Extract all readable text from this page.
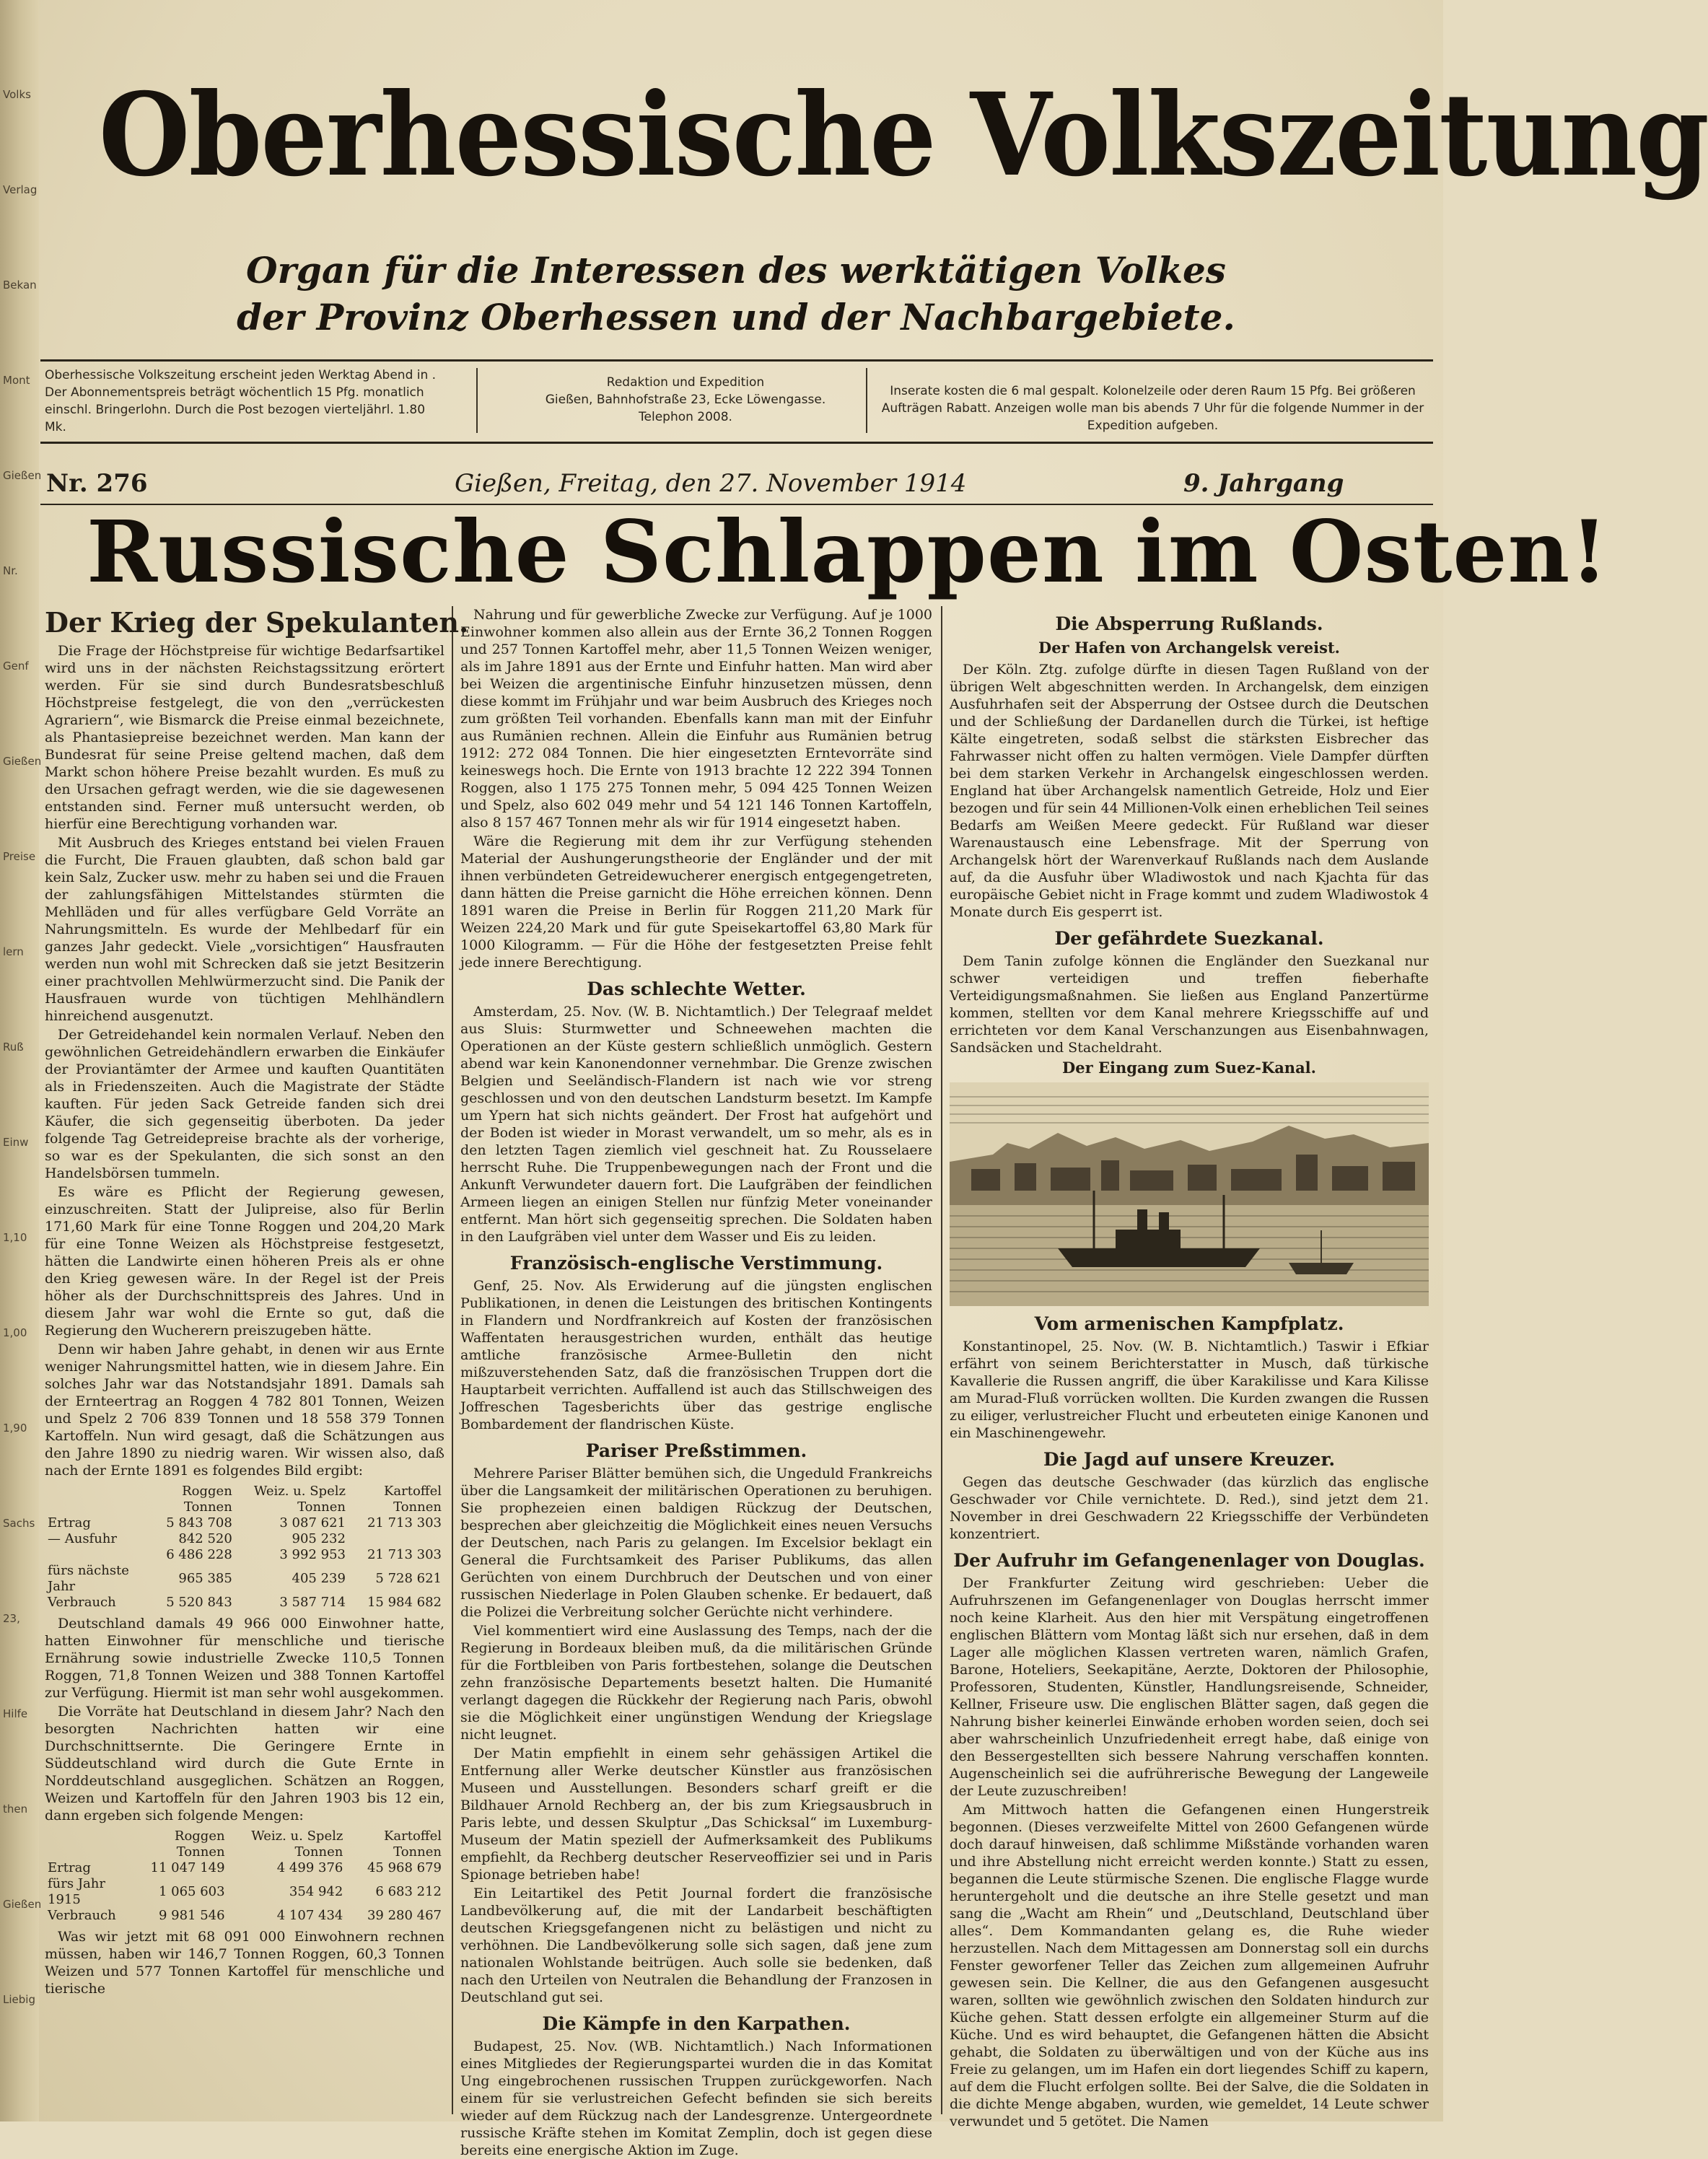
Volks
Verlag
Bekan
Mont
Gießen
Nr.
Genf
Gießen
Preise
lern
Ruß
Einw
1,10
1,00
1,90
Sachs
23,
Hilfe
then
Gießen
Liebig
Oberhessische Volkszeitung
Organ für die Interessen des werktätigen Volkes
der Provinz Oberhessen und der Nachbargebiete.
Oberhessische Volkszeitung erscheint jeden Werktag Abend in . Der Abonnementspreis beträgt wöchentlich 15 Pfg. monatlich einschl. Bringerlohn. Durch die Post bezogen vierteljährl. 1.80 Mk.
Redaktion und Expedition
Gießen, Bahnhofstraße 23, Ecke Löwengasse.
Telephon 2008.
Inserate kosten die 6 mal gespalt. Kolonelzeile oder deren Raum 15 Pfg. Bei größeren Aufträgen Rabatt. Anzeigen wolle man bis abends 7 Uhr für die folgende Nummer in der Expedition aufgeben.
Nr. 276	Gießen, Freitag, den 27. November 1914	9. Jahrgang
Russische Schlappen im Osten!
Der Krieg der Spekulanten.

Die Frage der Höchstpreise für wichtige Bedarfsartikel wird uns in der nächsten Reichstagssitzung erörtert werden. Für sie sind durch Bundesratsbeschluß Höchstpreise festgelegt, die von den „verrückesten Agrariern“, wie Bismarck die Preise einmal bezeichnete, als Phantasiepreise bezeichnet werden. Man kann der Bundesrat für seine Preise geltend machen, daß dem Markt schon höhere Preise bezahlt wurden. Es muß zu den Ursachen gefragt werden, wie die sie dagewesenen entstanden sind. Ferner muß untersucht werden, ob hierfür eine Berechtigung vorhanden war.

Mit Ausbruch des Krieges entstand bei vielen Frauen die Furcht, Die Frauen glaubten, daß schon bald gar kein Salz, Zucker usw. mehr zu haben sei und die Frauen der zahlungsfähigen Mittelstandes stürmten die Mehlläden und für alles verfügbare Geld Vorräte an Nahrungsmitteln. Es wurde der Mehlbedarf für ein ganzes Jahr gedeckt. Viele „vorsichtigen“ Hausfrauten werden nun wohl mit Schrecken daß sie jetzt Besitzerin einer prachtvollen Mehlwürmerzucht sind. Die Panik der Hausfrauen wurde von tüchtigen Mehlhändlern hinreichend ausgenutzt.

Der Getreidehandel kein normalen Verlauf. Neben den gewöhnlichen Getreidehändlern erwarben die Einkäufer der Proviantämter der Armee und kauften Quantitäten als in Friedenszeiten. Auch die Magistrate der Städte kauften. Für jeden Sack Getreide fanden sich drei Käufer, die sich gegenseitig überboten. Da jeder folgende Tag Getreidepreise brachte als der vorherige, so war es der Spekulanten, die sich sonst an den Handelsbörsen tummeln.

Es wäre es Pflicht der Regierung gewesen, einzuschreiten. Statt der Julipreise, also für Berlin 171,60 Mark für eine Tonne Roggen und 204,20 Mark für eine Tonne Weizen als Höchstpreise festgesetzt, hätten die Landwirte einen höheren Preis als er ohne den Krieg gewesen wäre. In der Regel ist der Preis höher als der Durchschnittspreis des Jahres. Und in diesem Jahr war wohl die Ernte so gut, daß die Regierung den Wucherern preiszugeben hätte.

Denn wir haben Jahre gehabt, in denen wir aus Ernte weniger Nahrungsmittel hatten, wie in diesem Jahre. Ein solches Jahr war das Notstandsjahr 1891. Damals sah der Ernteertrag an Roggen 4 782 801 Tonnen, Weizen und Spelz 2 706 839 Tonnen und 18 558 379 Tonnen Kartoffeln. Nun wird gesagt, daß die Schätzungen aus den Jahre 1890 zu niedrig waren. Wir wissen also, daß nach der Ernte 1891 es folgendes Bild ergibt:

	Roggen Tonnen	Weiz. u. Spelz Tonnen	Kartoffel Tonnen
Ertrag	5 843 708	3 087 621	21 713 303
— Ausfuhr	842 520	905 232	
	6 486 228	3 992 953	21 713 303
fürs nächste Jahr	965 385	405 239	5 728 621
Verbrauch	5 520 843	3 587 714	15 984 682

Deutschland damals 49 966 000 Einwohner hatte, hatten Einwohner für menschliche und tierische Ernährung sowie industrielle Zwecke 110,5 Tonnen Roggen, 71,8 Tonnen Weizen und 388 Tonnen Kartoffel zur Verfügung. Hiermit ist man sehr wohl ausgekommen.

Die Vorräte hat Deutschland in diesem Jahr? Nach den besorgten Nachrichten hatten wir eine Durchschnittsernte. Die Geringere Ernte in Süddeutschland wird durch die Gute Ernte in Norddeutschland ausgeglichen. Schätzen an Roggen, Weizen und Kartoffeln für den Jahren 1903 bis 12 ein, dann ergeben sich folgende Mengen:

	Roggen Tonnen	Weiz. u. Spelz Tonnen	Kartoffel Tonnen
Ertrag	11 047 149	4 499 376	45 968 679
fürs Jahr 1915	1 065 603	354 942	6 683 212
Verbrauch	9 981 546	4 107 434	39 280 467

Was wir jetzt mit 68 091 000 Einwohnern rechnen müssen, haben wir 146,7 Tonnen Roggen, 60,3 Tonnen Weizen und 577 Tonnen Kartoffel für menschliche und tierische

Nahrung und für gewerbliche Zwecke zur Verfügung. Auf je 1000 Einwohner kommen also allein aus der Ernte 36,2 Tonnen Roggen und 257 Tonnen Kartoffel mehr, aber 11,5 Tonnen Weizen weniger, als im Jahre 1891 aus der Ernte und Einfuhr hatten. Man wird aber bei Weizen die argentinische Einfuhr hinzusetzen müssen, denn diese kommt im Frühjahr und war beim Ausbruch des Krieges noch zum größten Teil vorhanden. Ebenfalls kann man mit der Einfuhr aus Rumänien rechnen. Allein die Einfuhr aus Rumänien betrug 1912: 272 084 Tonnen. Die hier eingesetzten Erntevorräte sind keineswegs hoch. Die Ernte von 1913 brachte 12 222 394 Tonnen Roggen, also 1 175 275 Tonnen mehr, 5 094 425 Tonnen Weizen und Spelz, also 602 049 mehr und 54 121 146 Tonnen Kartoffeln, also 8 157 467 Tonnen mehr als wir für 1914 eingesetzt haben.

Wäre die Regierung mit dem ihr zur Verfügung stehenden Material der Aushungerungstheorie der Engländer und der mit ihnen verbündeten Getreidewucherer energisch entgegengetreten, dann hätten die Preise garnicht die Höhe erreichen können. Denn 1891 waren die Preise in Berlin für Roggen 211,20 Mark für Weizen 224,20 Mark und für gute Speisekartoffel 63,80 Mark für 1000 Kilogramm. — Für die Höhe der festgesetzten Preise fehlt jede innere Berechtigung.

Das schlechte Wetter.

Amsterdam, 25. Nov. (W. B. Nichtamtlich.) Der Telegraaf meldet aus Sluis: Sturmwetter und Schneewehen machten die Operationen an der Küste gestern schließlich unmöglich. Gestern abend war kein Kanonendonner vernehmbar. Die Grenze zwischen Belgien und Seeländisch-Flandern ist nach wie vor streng geschlossen und von den deutschen Landsturm besetzt. Im Kampfe um Ypern hat sich nichts geändert. Der Frost hat aufgehört und der Boden ist wieder in Morast verwandelt, um so mehr, als es in den letzten Tagen ziemlich viel geschneit hat. Zu Rousselaere herrscht Ruhe. Die Truppenbewegungen nach der Front und die Ankunft Verwundeter dauern fort. Die Laufgräben der feindlichen Armeen liegen an einigen Stellen nur fünfzig Meter voneinander entfernt. Man hört sich gegenseitig sprechen. Die Soldaten haben in den Laufgräben viel unter dem Wasser und Eis zu leiden.

Französisch-englische Verstimmung.

Genf, 25. Nov. Als Erwiderung auf die jüngsten englischen Publikationen, in denen die Leistungen des britischen Kontingents in Flandern und Nordfrankreich auf Kosten der französischen Waffentaten herausgestrichen wurden, enthält das heutige amtliche französische Armee-Bulletin den nicht mißzuverstehenden Satz, daß die französischen Truppen dort die Hauptarbeit verrichten. Auffallend ist auch das Stillschweigen des Joffreschen Tagesberichts über das gestrige englische Bombardement der flandrischen Küste.

Pariser Preßstimmen.

Mehrere Pariser Blätter bemühen sich, die Ungeduld Frankreichs über die Langsamkeit der militärischen Operationen zu beruhigen. Sie prophezeien einen baldigen Rückzug der Deutschen, besprechen aber gleichzeitig die Möglichkeit eines neuen Versuchs der Deutschen, nach Paris zu gelangen. Im Excelsior beklagt ein General die Furchtsamkeit des Pariser Publikums, das allen Gerüchten von einem Durchbruch der Deutschen und von einer russischen Niederlage in Polen Glauben schenke. Er bedauert, daß die Polizei die Verbreitung solcher Gerüchte nicht verhindere.

Viel kommentiert wird eine Auslassung des Temps, nach der die Regierung in Bordeaux bleiben muß, da die militärischen Gründe für die Fortbleiben von Paris fortbestehen, solange die Deutschen zehn französische Departements besetzt halten. Die Humanité verlangt dagegen die Rückkehr der Regierung nach Paris, obwohl sie die Möglichkeit einer ungünstigen Wendung der Kriegslage nicht leugnet.

Der Matin empfiehlt in einem sehr gehässigen Artikel die Entfernung aller Werke deutscher Künstler aus französischen Museen und Ausstellungen. Besonders scharf greift er die Bildhauer Arnold Rechberg an, der bis zum Kriegsausbruch in Paris lebte, und dessen Skulptur „Das Schicksal“ im Luxemburg-Museum der Matin speziell der Aufmerksamkeit des Publikums empfiehlt, da Rechberg deutscher Reserveoffizier sei und in Paris Spionage betrieben habe!

Ein Leitartikel des Petit Journal fordert die französische Landbevölkerung auf, die mit der Landarbeit beschäftigten deutschen Kriegsgefangenen nicht zu belästigen und nicht zu verhöhnen. Die Landbevölkerung solle sich sagen, daß jene zum nationalen Wohlstande beitrügen. Auch solle sie bedenken, daß nach den Urteilen von Neutralen die Behandlung der Franzosen in Deutschland gut sei.

Die Kämpfe in den Karpathen.

Budapest, 25. Nov. (WB. Nichtamtlich.) Nach Informationen eines Mitgliedes der Regierungspartei wurden die in das Komitat Ung eingebrochenen russischen Truppen zurückgeworfen. Nach einem für sie verlustreichen Gefecht befinden sie sich bereits wieder auf dem Rückzug nach der Landesgrenze. Untergeordnete russische Kräfte stehen im Komitat Zemplin, doch ist gegen diese bereits eine energische Aktion im Zuge.

Die Absperrung Rußlands.
Der Hafen von Archangelsk vereist.

Der Köln. Ztg. zufolge dürfte in diesen Tagen Rußland von der übrigen Welt abgeschnitten werden. In Archangelsk, dem einzigen Ausfuhrhafen seit der Absperrung der Ostsee durch die Deutschen und der Schließung der Dardanellen durch die Türkei, ist heftige Kälte eingetreten, sodaß selbst die stärksten Eisbrecher das Fahrwasser nicht offen zu halten vermögen. Viele Dampfer dürften bei dem starken Verkehr in Archangelsk eingeschlossen werden. England hat über Archangelsk namentlich Getreide, Holz und Eier bezogen und für sein 44 Millionen-Volk einen erheblichen Teil seines Bedarfs am Weißen Meere gedeckt. Für Rußland war dieser Warenaustausch eine Lebensfrage. Mit der Sperrung von Archangelsk hört der Warenverkauf Rußlands nach dem Auslande auf, da die Ausfuhr über Wladiwostok und nach Kjachta für das europäische Gebiet nicht in Frage kommt und zudem Wladiwostok 4 Monate durch Eis gesperrt ist.

Der gefährdete Suezkanal.

Dem Tanin zufolge können die Engländer den Suezkanal nur schwer verteidigen und treffen fieberhafte Verteidigungsmaßnahmen. Sie ließen aus England Panzertürme kommen, stellten vor dem Kanal mehrere Kriegsschiffe auf und errichteten vor dem Kanal Verschanzungen aus Eisenbahnwagen, Sandsäcken und Stacheldraht.

Der Eingang zum Suez-Kanal.
Vom armenischen Kampfplatz.

Konstantinopel, 25. Nov. (W. B. Nichtamtlich.) Taswir i Efkiar erfährt von seinem Berichterstatter in Musch, daß türkische Kavallerie die Russen angriff, die über Karakilisse und Kara Kilisse am Murad-Fluß vorrücken wollten. Die Kurden zwangen die Russen zu eiliger, verlustreicher Flucht und erbeuteten einige Kanonen und ein Maschinengewehr.

Die Jagd auf unsere Kreuzer.

Gegen das deutsche Geschwader (das kürzlich das englische Geschwader vor Chile vernichtete. D. Red.), sind jetzt dem 21. November in drei Geschwadern 22 Kriegsschiffe der Verbündeten konzentriert.

Der Aufruhr im Gefangenenlager von Douglas.

Der Frankfurter Zeitung wird geschrieben: Ueber die Aufruhrszenen im Gefangenenlager von Douglas herrscht immer noch keine Klarheit. Aus den hier mit Verspätung eingetroffenen englischen Blättern vom Montag läßt sich nur ersehen, daß in dem Lager alle möglichen Klassen vertreten waren, nämlich Grafen, Barone, Hoteliers, Seekapitäne, Aerzte, Doktoren der Philosophie, Professoren, Studenten, Künstler, Handlungsreisende, Schneider, Kellner, Friseure usw. Die englischen Blätter sagen, daß gegen die Nahrung bisher keinerlei Einwände erhoben worden seien, doch sei aber wahrscheinlich Unzufriedenheit erregt habe, daß einige von den Bessergestellten sich bessere Nahrung verschaffen konnten. Augenscheinlich sei die aufrührerische Bewegung der Langeweile der Leute zuzuschreiben!

Am Mittwoch hatten die Gefangenen einen Hungerstreik begonnen. (Dieses verzweifelte Mittel von 2600 Gefangenen würde doch darauf hinweisen, daß schlimme Mißstände vorhanden waren und ihre Abstellung nicht erreicht werden konnte.) Statt zu essen, begannen die Leute stürmische Szenen. Die englische Flagge wurde heruntergeholt und die deutsche an ihre Stelle gesetzt und man sang die „Wacht am Rhein“ und „Deutschland, Deutschland über alles“. Dem Kommandanten gelang es, die Ruhe wieder herzustellen. Nach dem Mittagessen am Donnerstag soll ein durchs Fenster geworfener Teller das Zeichen zum allgemeinen Aufruhr gewesen sein. Die Kellner, die aus den Gefangenen ausgesucht waren, sollten wie gewöhnlich zwischen den Soldaten hindurch zur Küche gehen. Statt dessen erfolgte ein allgemeiner Sturm auf die Küche. Und es wird behauptet, die Gefangenen hätten die Absicht gehabt, die Soldaten zu überwältigen und von der Küche aus ins Freie zu gelangen, um im Hafen ein dort liegendes Schiff zu kapern, auf dem die Flucht erfolgen sollte. Bei der Salve, die die Soldaten in die dichte Menge abgaben, wurden, wie gemeldet, 14 Leute schwer verwundet und 5 getötet. Die Namen
